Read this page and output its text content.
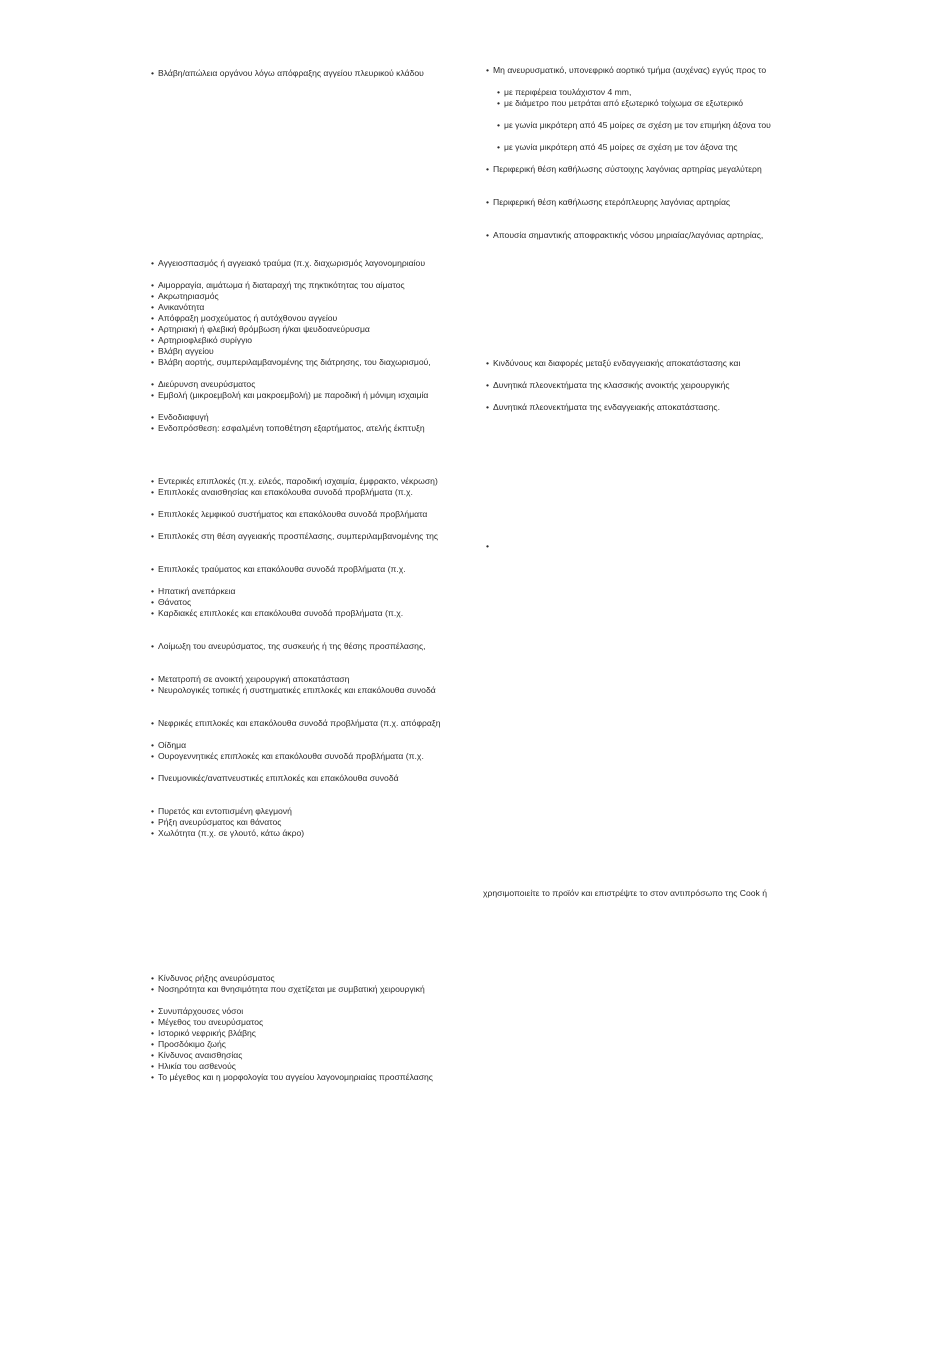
• Βλάβη/απώλεια οργάνου λόγω απόφραξης αγγείου πλευρικού κλάδου
• Αγγειοσπασμός ή αγγειακό τραύμα (π.χ. διαχωρισμός λαγονομηριαίου
• Αιμορραγία, αιμάτωμα ή διαταραχή της πηκτικότητας του αίματος
• Ακρωτηριασμός
• Ανικανότητα
• Απόφραξη μοσχεύματος ή αυτόχθονου αγγείου
• Αρτηριακή ή φλεβική θρόμβωση ή/και ψευδοανεύρυσμα
• Αρτηριοφλεβικό συρίγγιο
• Βλάβη αγγείου
• Βλάβη αορτής, συμπεριλαμβανομένης της διάτρησης, του διαχωρισμού,
• Διεύρυνση ανευρύσματος
• Εμβολή (μικροεμβολή και μακροεμβολή) με παροδική ή μόνιμη ισχαιμία
• Ενδοδιαφυγή
• Ενδοπρόσθεση: εσφαλμένη τοποθέτηση εξαρτήματος, ατελής έκπτυξη
• Εντερικές επιπλοκές (π.χ. ειλεός, παροδική ισχαιμία, έμφρακτο, νέκρωση)
• Επιπλοκές αναισθησίας και επακόλουθα συνοδά προβλήματα (π.χ.
• Επιπλοκές λεμφικού συστήματος και επακόλουθα συνοδά προβλήματα
• Επιπλοκές στη θέση αγγειακής προσπέλασης, συμπεριλαμβανομένης της
• Επιπλοκές τραύματος και επακόλουθα συνοδά προβλήματα (π.χ.
• Ηπατική ανεπάρκεια
• Θάνατος
• Καρδιακές επιπλοκές και επακόλουθα συνοδά προβλήματα (π.χ.
• Λοίμωξη του ανευρύσματος, της συσκευής ή της θέσης προσπέλασης,
• Μετατροπή σε ανοικτή χειρουργική αποκατάσταση
• Νευρολογικές τοπικές ή συστηματικές επιπλοκές και επακόλουθα συνοδά
• Νεφρικές επιπλοκές και επακόλουθα συνοδά προβλήματα (π.χ. απόφραξη
• Οίδημα
• Ουρογεννητικές επιπλοκές και επακόλουθα συνοδά προβλήματα (π.χ.
• Πνευμονικές/αναπνευστικές επιπλοκές και επακόλουθα συνοδά
• Πυρετός και εντοπισμένη φλεγμονή
• Ρήξη ανευρύσματος και θάνατος
• Χωλότητα (π.χ. σε γλουτό, κάτω άκρο)
• Κίνδυνος ρήξης ανευρύσματος
• Νοσηρότητα και θνησιμότητα που σχετίζεται με συμβατική χειρουργική
• Συνυπάρχουσες νόσοι
• Μέγεθος του ανευρύσματος
• Ιστορικό νεφρικής βλάβης
• Προσδόκιμο ζωής
• Κίνδυνος αναισθησίας
• Ηλικία του ασθενούς
• Το μέγεθος και η μορφολογία του αγγείου λαγονομηριαίας προσπέλασης
• Μη ανευρυσματικό, υπονεφρικό αορτικό τμήμα (αυχένας) εγγύς προς το
• με περιφέρεια τουλάχιστον 4 mm,
• με διάμετρο που μετράται από εξωτερικό τοίχωμα σε εξωτερικό
• με γωνία μικρότερη από 45 μοίρες σε σχέση με τον επιμήκη άξονα του
• με γωνία μικρότερη από 45 μοίρες σε σχέση με τον άξονα της
• Περιφερική θέση καθήλωσης σύστοιχης λαγόνιας αρτηρίας μεγαλύτερη
• Περιφερική θέση καθήλωσης ετερόπλευρης λαγόνιας αρτηρίας
• Απουσία σημαντικής αποφρακτικής νόσου μηριαίας/λαγόνιας αρτηρίας,
• Κινδύνους και διαφορές μεταξύ ενδαγγειακής αποκατάστασης και
• Δυνητικά πλεονεκτήματα της κλασσικής ανοικτής χειρουργικής
• Δυνητικά πλεονεκτήματα της ενδαγγειακής αποκατάστασης.
χρησιμοποιείτε το προϊόν και επιστρέψτε το στον αντιπρόσωπο της Cook ή
